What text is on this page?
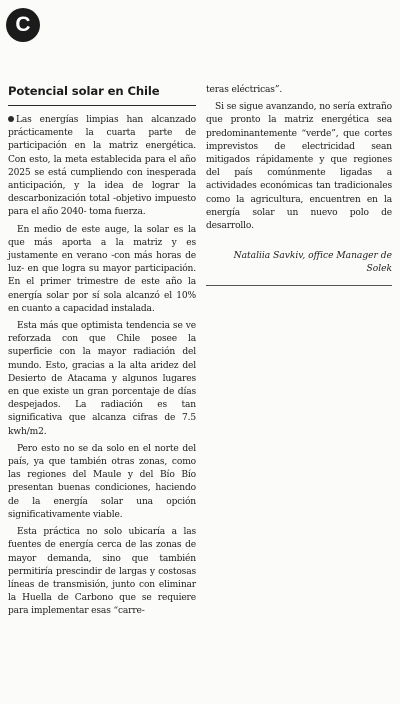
C
Potencial solar en Chile

Las energías limpias han alcanzado prácticamente la cuarta parte de participación en la matriz energética. Con esto, la meta establecida para el año 2025 se está cumpliendo con inesperada anticipación, y la idea de lograr la descarbonización total -objetivo impuesto para el año 2040- toma fuerza.

En medio de este auge, la solar es la que más aporta a la matriz y es justamente en verano -con más horas de luz- en que logra su mayor participación. En el primer trimestre de este año la energía solar por sí sola alcanzó el 10% en cuanto a capacidad instalada.

Esta más que optimista tendencia se ve reforzada con que Chile posee la superficie con la mayor radiación del mundo. Esto, gracias a la alta aridez del Desierto de Atacama y algunos lugares en que existe un gran porcentaje de días despejados. La radiación es tan significativa que alcanza cifras de 7.5 kwh/m2.

Pero esto no se da solo en el norte del país, ya que también otras zonas, como las regiones del Maule y del Bío Bío presentan buenas condiciones, haciendo de la energía solar una opción significativamente viable.

Esta práctica no solo ubicaría a las fuentes de energía cerca de las zonas de mayor demanda, sino que también permitiría prescindir de largas y costosas líneas de transmisión, junto con eliminar la Huella de Carbono que se requiere para implementar esas “carre-

teras eléctricas”.

Si se sigue avanzando, no sería extraño que pronto la matriz energética sea predominantemente “verde”, que cortes imprevistos de electricidad sean mitigados rápidamente y que regiones del país comúnmente ligadas a actividades económicas tan tradicionales como la agricultura, encuentren en la energía solar un nuevo polo de desarrollo.

Nataliia Savkiv, office Manager de Solek
